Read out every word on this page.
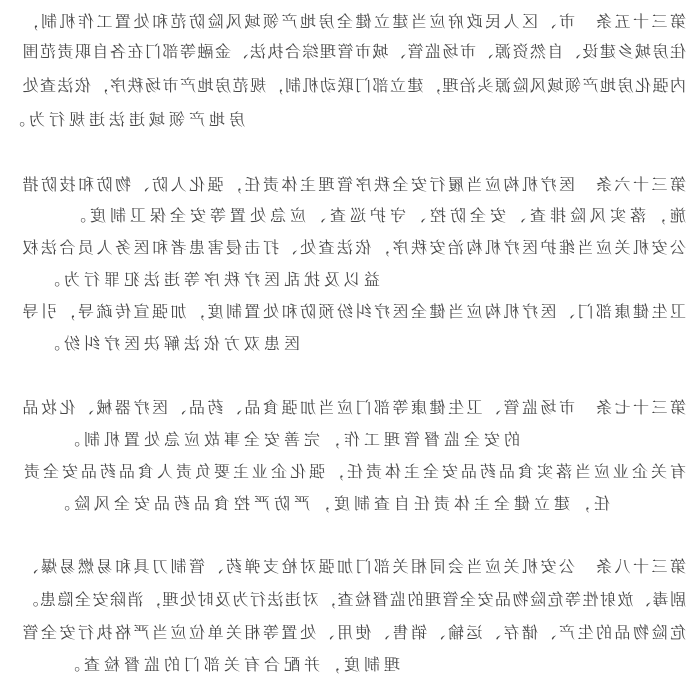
第三十五条　市、区人民政府应当建立健全房地产领域风险防范和处置工作机制，
住房城乡建设、自然资源、市场监管、城市管理综合执法、金融等部门在各自职责范围
内强化房地产领域风险源头治理，建立部门联动机制，规范房地产市场秩序，依法查处
房地产领域违法违规行为。
第三十六条　医疗机构应当履行安全秩序管理主体责任，强化人防、物防和技防措
施，落实风险排查、安全防控、守护巡查、应急处置等安全保卫制度。
公安机关应当维护医疗机构治安秩序，依法查处、打击侵害患者和医务人员合法权
益以及扰乱医疗秩序等违法犯罪行为。
卫生健康部门、医疗机构应当健全医疗纠纷预防和处置制度，加强宣传疏导，引导
医患双方依法解决医疗纠纷。
第三十七条　市场监管、卫生健康等部门应当加强食品、药品、医疗器械、化妆品
的安全监督管理工作，完善安全事故应急处置机制。
有关企业应当落实食品药品安全主体责任，强化企业主要负责人食品药品安全责
任，建立健全主体责任自查制度，严防严控食品药品安全风险。
第三十八条　公安机关应当会同相关部门加强对枪支弹药、管制刀具和易燃易爆、
剧毒、放射性等危险物品安全管理的监督检查，对违法行为及时处理，消除安全隐患。
危险物品的生产、储存、运输、销售、使用、处置等相关单位应当严格执行安全管
理制度，并配合有关部门的监督检查。
